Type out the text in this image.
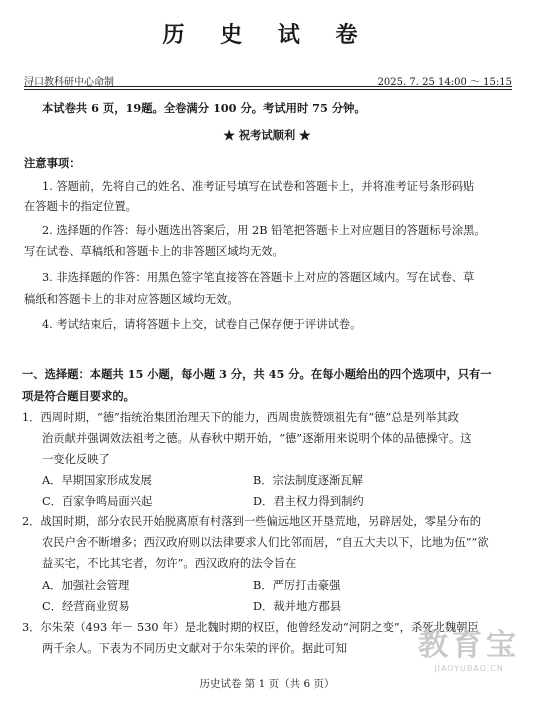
历 史 试 卷
浔口教科研中心命制	2025. 7. 25 14:00 ～ 15:15

本试卷共 6 页，19题。全卷满分 100 分。考试用时 75 分钟。

★ 祝考试顺利 ★

注意事项：

1. 答题前，先将自己的姓名、准考证号填写在试卷和答题卡上，并将准考证号条形码贴

在答题卡的指定位置。

2. 选择题的作答：每小题选出答案后，用 2B 铅笔把答题卡上对应题目的答题标号涂黑。

写在试卷、草稿纸和答题卡上的非答题区域均无效。

3. 非选择题的作答：用黑色签字笔直接答在答题卡上对应的答题区域内。写在试卷、草

稿纸和答题卡上的非对应答题区域均无效。

4. 考试结束后，请将答题卡上交，试卷自己保存便于评讲试卷。

一、选择题：本题共 15 小题，每小题 3 分，共 45 分。在每小题给出的四个选项中，只有一

项是符合题目要求的。

1．西周时期，“德”指统治集团治理天下的能力，西周贵族赞颂祖先有“德”总是列举其政

治贡献并强调效法祖考之德。从春秋中期开始，“德”逐渐用来说明个体的品德操守。这

一变化反映了

A．早期国家形成发展	B．宗法制度逐渐瓦解
C．百家争鸣局面兴起	D．君主权力得到制约

2．战国时期，部分农民开始脱离原有村落到一些偏远地区开垦荒地，另辟居处，零星分布的

农民户舍不断增多；西汉政府则以法律要求人们比邻而居，“自五大夫以下，比地为伍”“欲

益买宅，不比其宅者，勿许”。西汉政府的法令旨在

A．加强社会管理	B．严厉打击豪强
C．经营商业贸易	D．裁并地方郡县

3．尔朱荣（493 年－ 530 年）是北魏时期的权臣，他曾经发动“河阴之变”，杀死北魏朝臣

两千余人。下表为不同历史文献对于尔朱荣的评价。据此可知 教育宝
JIAOYUBAO.CN
历史试卷 第 1 页（共 6 页）
